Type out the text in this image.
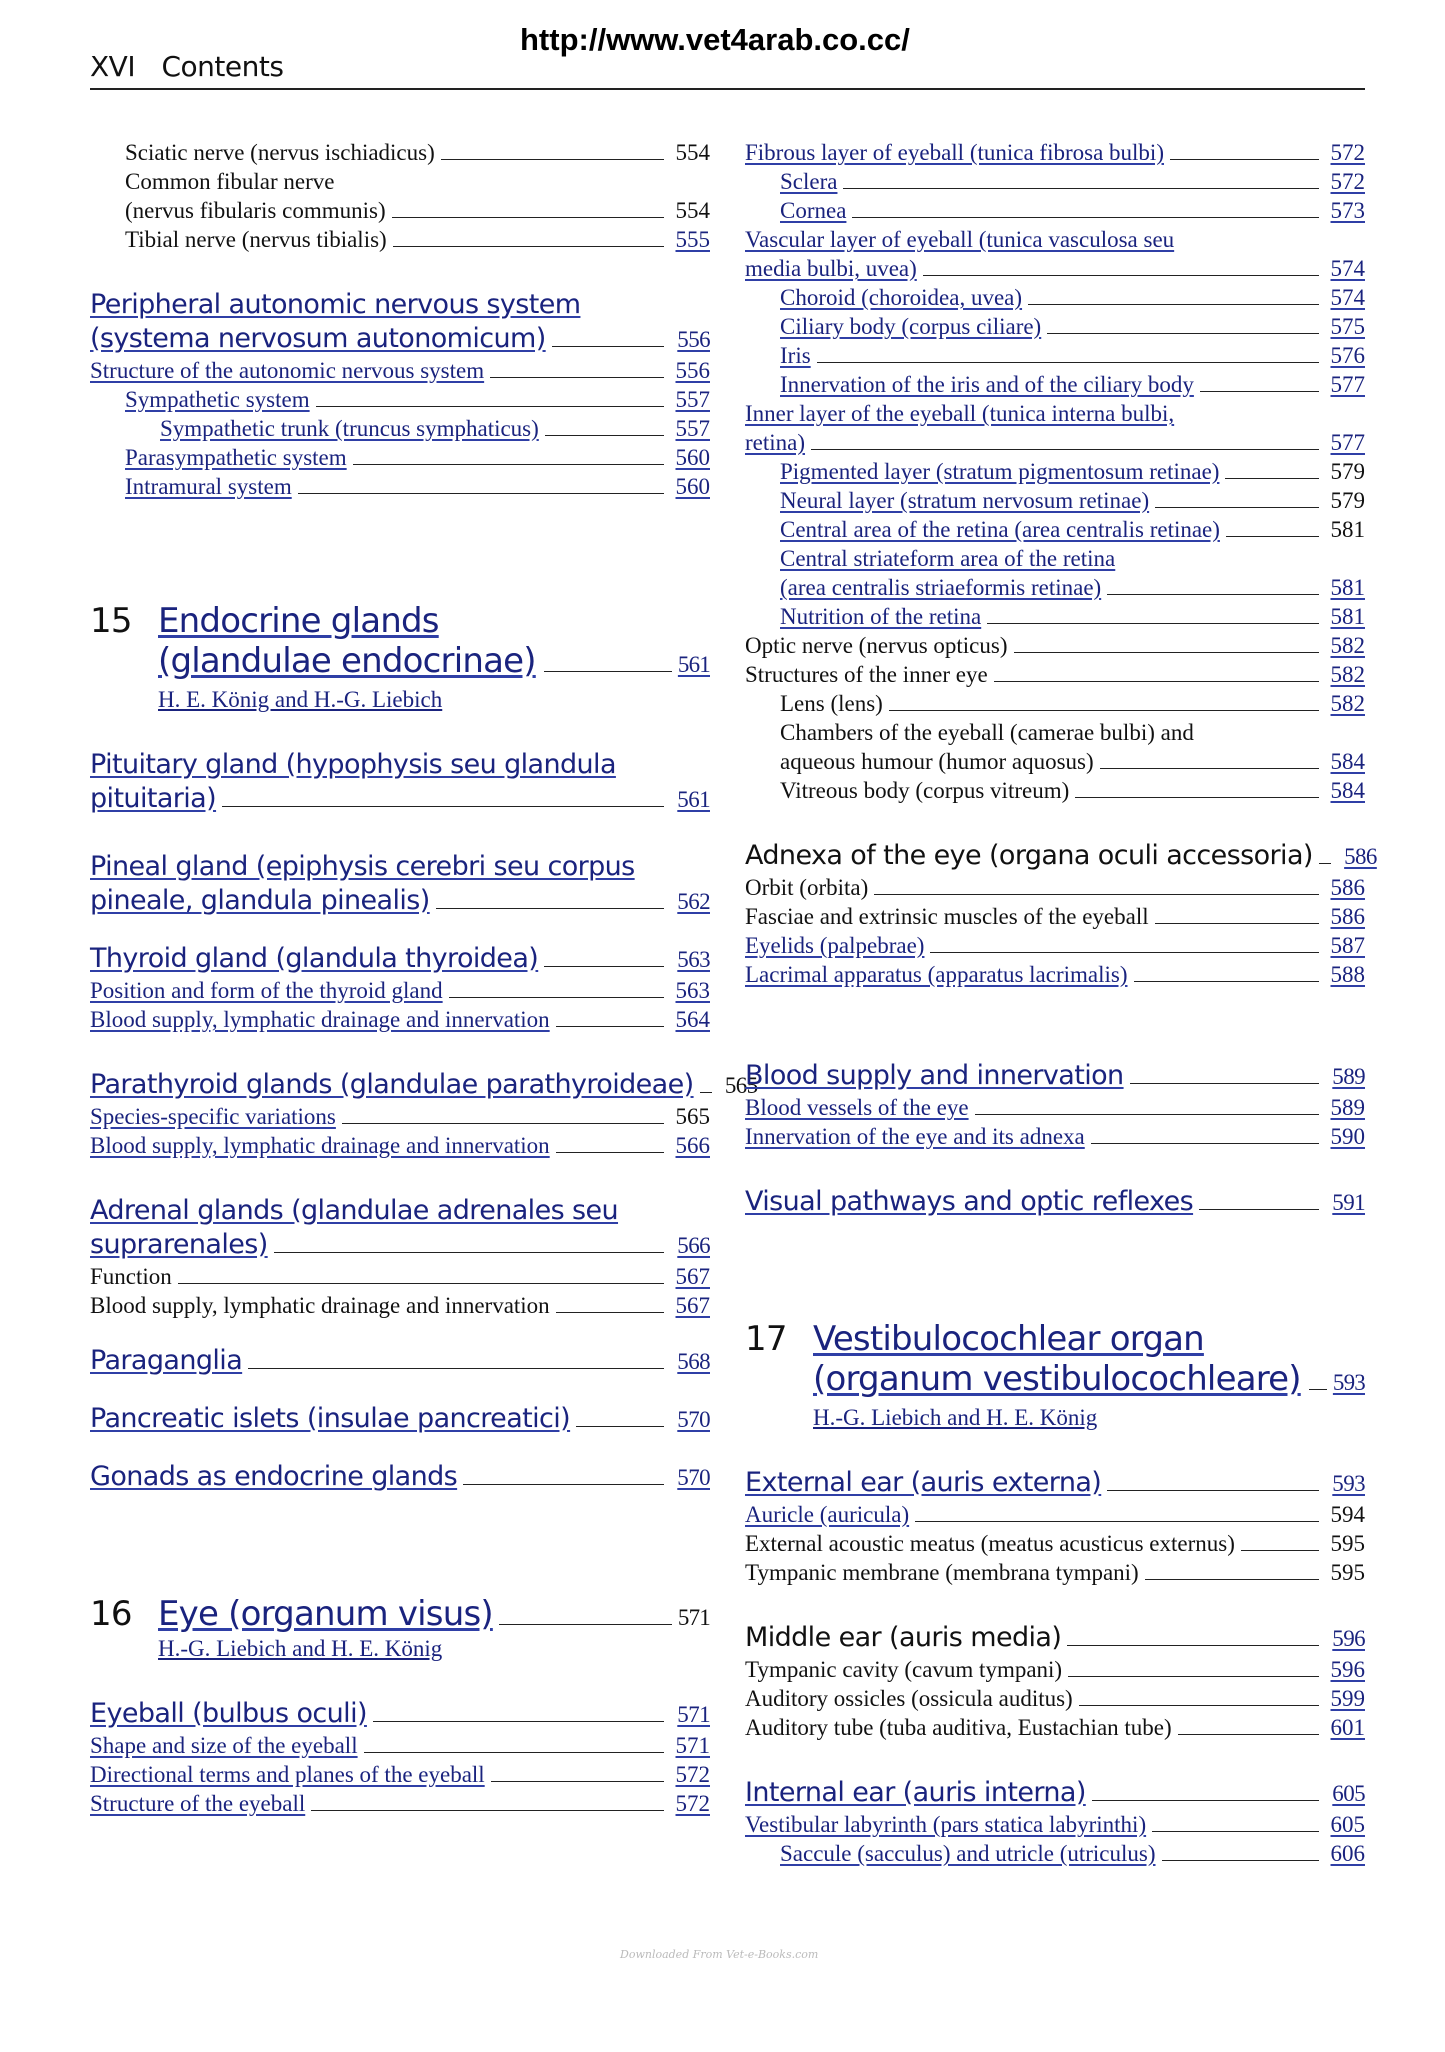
http://www.vet4arab.co.cc/
XVI Contents
Sciatic nerve (nervus ischiadicus)	554
Common fibular nerve
(nervus fibularis communis)	554
Tibial nerve (nervus tibialis)	555
Peripheral autonomic nervous system
(systema nervosum autonomicum)	556
Structure of the autonomic nervous system	556
Sympathetic system	557
Sympathetic trunk (truncus symphaticus)	557
Parasympathetic system	560
Intramural system	560
15 Endocrine glands
(glandulae endocrinae)	561
H. E. König and H.-G. Liebich
Pituitary gland (hypophysis seu glandula
pituitaria)	561
Pineal gland (epiphysis cerebri seu corpus
pineale, glandula pinealis)	562
Thyroid gland (glandula thyroidea)	563
Position and form of the thyroid gland	563
Blood supply, lymphatic drainage and innervation	564
Parathyroid glands (glandulae parathyroideae)	565
Species-specific variations	565
Blood supply, lymphatic drainage and innervation	566
Adrenal glands (glandulae adrenales seu
suprarenales)	566
Function	567
Blood supply, lymphatic drainage and innervation	567
Paraganglia	568
Pancreatic islets (insulae pancreatici)	570
Gonads as endocrine glands	570
16 Eye (organum visus)	571
H.-G. Liebich and H. E. König
Eyeball (bulbus oculi)	571
Shape and size of the eyeball	571
Directional terms and planes of the eyeball	572
Structure of the eyeball	572
Fibrous layer of eyeball (tunica fibrosa bulbi)	572
Sclera	572
Cornea	573
Vascular layer of eyeball (tunica vasculosa seu
media bulbi, uvea)	574
Choroid (choroidea, uvea)	574
Ciliary body (corpus ciliare)	575
Iris	576
Innervation of the iris and of the ciliary body	577
Inner layer of the eyeball (tunica interna bulbi,
retina)	577
Pigmented layer (stratum pigmentosum retinae)	579
Neural layer (stratum nervosum retinae)	579
Central area of the retina (area centralis retinae)	581
Central striateform area of the retina
(area centralis striaeformis retinae)	581
Nutrition of the retina	581
Optic nerve (nervus opticus)	582
Structures of the inner eye	582
Lens (lens)	582
Chambers of the eyeball (camerae bulbi) and
aqueous humour (humor aquosus)	584
Vitreous body (corpus vitreum)	584
Adnexa of the eye (organa oculi accessoria)	586
Orbit (orbita)	586
Fasciae and extrinsic muscles of the eyeball	586
Eyelids (palpebrae)	587
Lacrimal apparatus (apparatus lacrimalis)	588
Blood supply and innervation	589
Blood vessels of the eye	589
Innervation of the eye and its adnexa	590
Visual pathways and optic reflexes	591
17 Vestibulocochlear organ
(organum vestibulocochleare) 593
H.-G. Liebich and H. E. König
External ear (auris externa)	593
Auricle (auricula)	594
External acoustic meatus (meatus acusticus externus)	595
Tympanic membrane (membrana tympani)	595
Middle ear (auris media)	596
Tympanic cavity (cavum tympani)	596
Auditory ossicles (ossicula auditus)	599
Auditory tube (tuba auditiva, Eustachian tube)	601
Internal ear (auris interna)	605
Vestibular labyrinth (pars statica labyrinthi)	605
Saccule (sacculus) and utricle (utriculus)	606
Downloaded From Vet-e-Books.com
